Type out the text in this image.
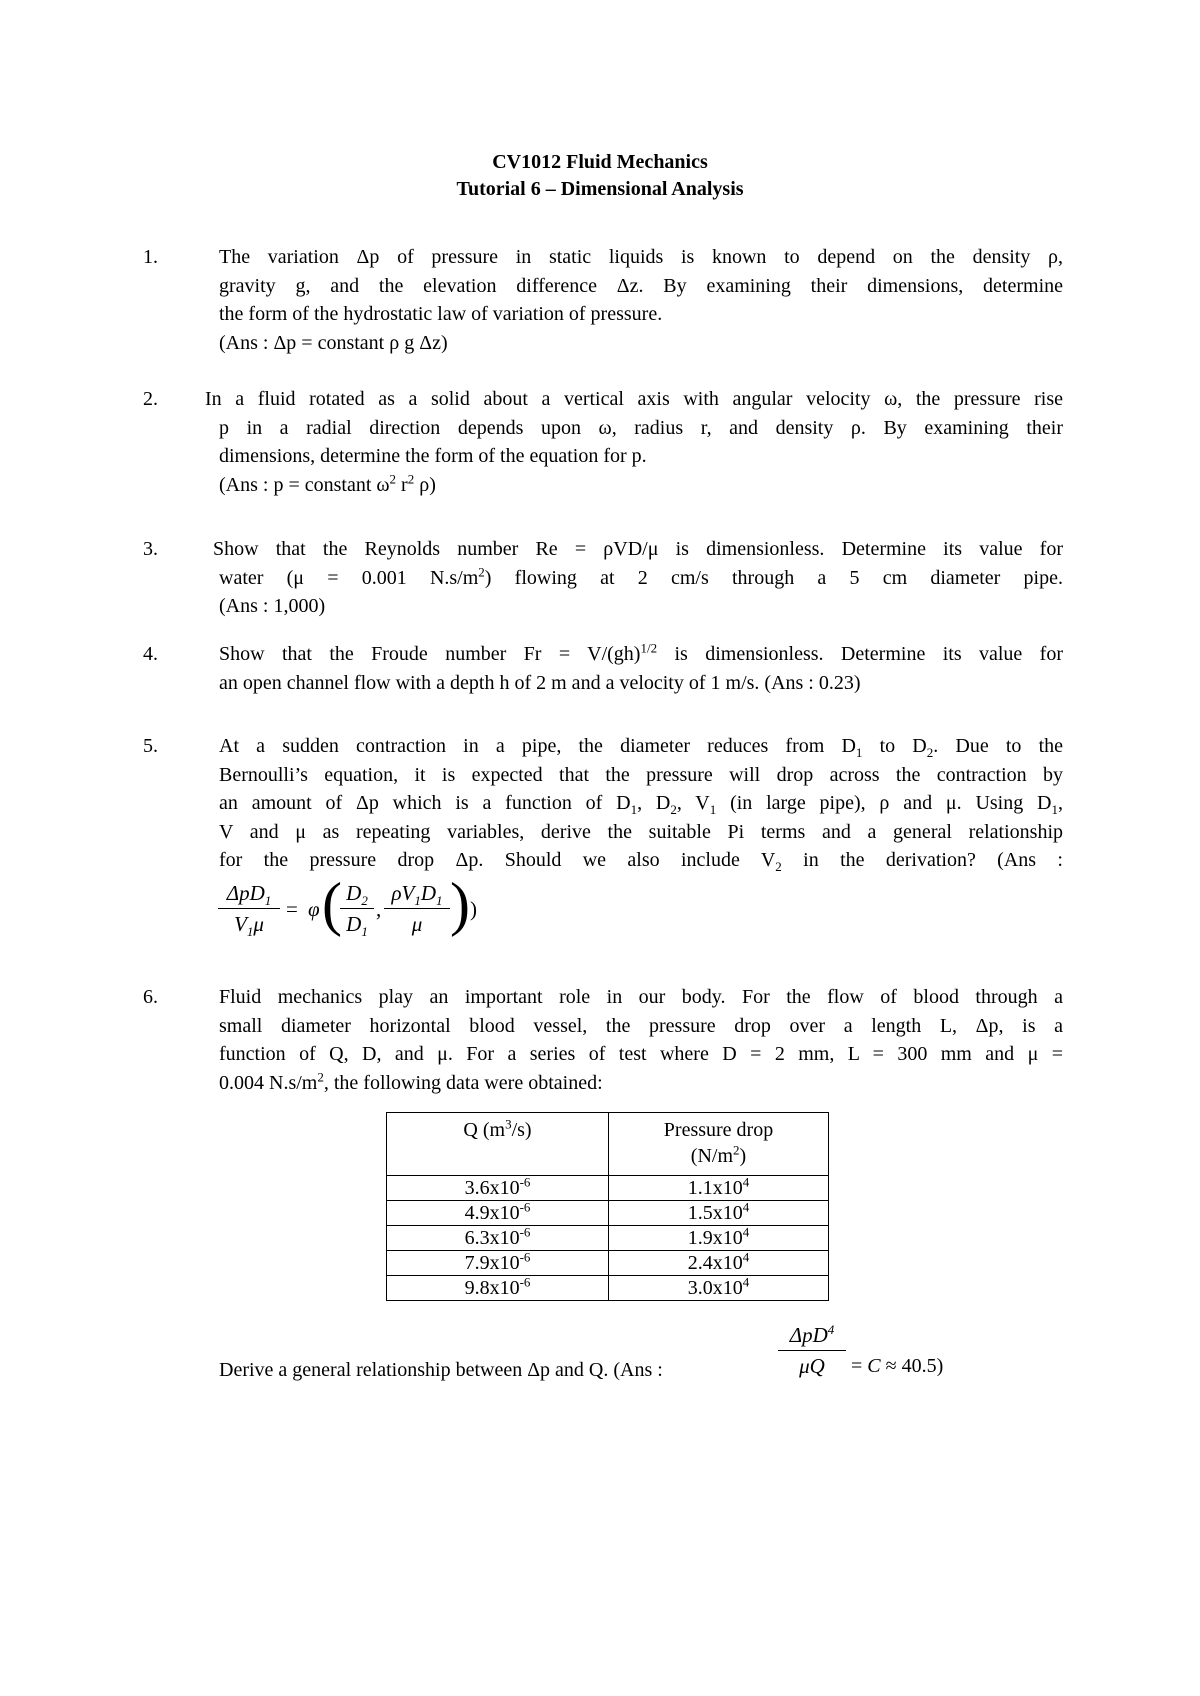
CV1012 Fluid Mechanics
Tutorial 6 – Dimensional Analysis
1.	The variation Δp of pressure in static liquids is known to depend on the density ρ,

gravity g, and the elevation difference Δz. By examining their dimensions, determine

the form of the hydrostatic law of variation of pressure.

(Ans : Δp = constant ρ g Δz)

2. In a fluid rotated as a solid about a vertical axis with angular velocity ω, the pressure rise

p in a radial direction depends upon ω, radius r, and density ρ. By examining their

dimensions, determine the form of the equation for p.

(Ans : p = constant $\omega^2$ $r^2$ ρ)

3.	Show that the Reynolds number Re = ρVD/μ is dimensionless. Determine its value for

water (μ = 0.001 $N.s/m^2$) flowing at 2 cm/s through a 5 cm diameter pipe.

(Ans : 1,000)

4.	Show that the Froude number Fr = V/(gh)$^{1/2}$ is dimensionless. Determine its value for

an open channel flow with a depth h of 2 m and a velocity of 1 m/s. (Ans : 0.23)

5.	At a sudden contraction in a pipe, the diameter reduces from $D_1$ to $D_2$. Due to the

Bernoulli’s equation, it is expected that the pressure will drop across the contraction by

an amount of Δp which is a function of $D_1$, $D_2$, $V_1$ (in large pipe), ρ and μ. Using $D_1$,

V and μ as repeating variables, derive the suitable Pi terms and a general relationship

for the pressure drop Δp. Should we also include $V_2$ in the derivation? (Ans :

ΔpD$_1$
$V_1\mu$
= φ ( $D_2$
$D_1$
,
$\rho V_1D_1$
μ ) )
6.	Fluid mechanics play an important role in our body. For the flow of blood through a

small diameter horizontal blood vessel, the pressure drop over a length L, Δp, is a

function of Q, D, and μ. For a series of test where D = 2 mm, L = 300 mm and μ =

0.004 $N.s/m^2$, the following data were obtained:

Q $(m^3/s)$	Pressure drop
$(N/m^2)$
$3.6x10^{-6}$	$1.1x10^4$
$4.9x10^{-6}$	$1.5x10^4$
$6.3x10^{-6}$	$1.9x10^4$
$7.9x10^{-6}$	$2.4x10^4$
$9.8x10^{-6}$	$3.0x10^4$
Derive a general relationship between Δp and Q. (Ans :
ΔpD$^4$
μQ	= C ≈ 40.5)
